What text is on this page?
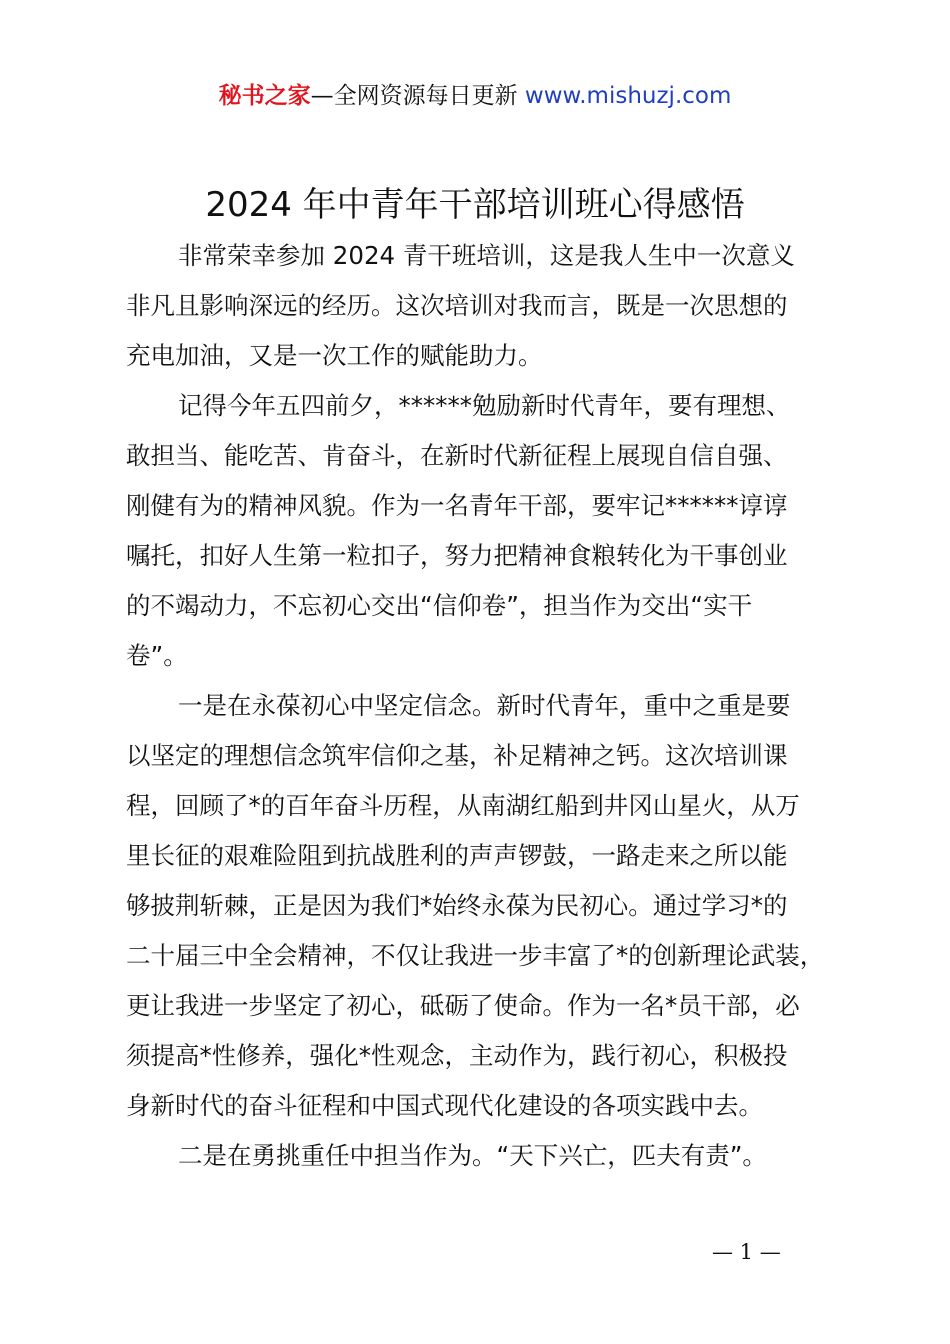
秘书之家—全网资源每日更新 www.mishuzj.com
2024 年中青年干部培训班心得感悟
非常荣幸参加 2024 青干班培训，这是我人生中一次意义
非凡且影响深远的经历。这次培训对我而言，既是一次思想的
充电加油，又是一次工作的赋能助力。
记得今年五四前夕，******勉励新时代青年，要有理想、
敢担当、能吃苦、肯奋斗，在新时代新征程上展现自信自强、
刚健有为的精神风貌。作为一名青年干部，要牢记******谆谆
嘱托，扣好人生第一粒扣子，努力把精神食粮转化为干事创业
的不竭动力，不忘初心交出“信仰卷”，担当作为交出“实干
卷”。
一是在永葆初心中坚定信念。新时代青年，重中之重是要
以坚定的理想信念筑牢信仰之基，补足精神之钙。这次培训课
程，回顾了*的百年奋斗历程，从南湖红船到井冈山星火，从万
里长征的艰难险阻到抗战胜利的声声锣鼓，一路走来之所以能
够披荆斩棘，正是因为我们*始终永葆为民初心。通过学习*的
二十届三中全会精神，不仅让我进一步丰富了*的创新理论武装，
更让我进一步坚定了初心，砥砺了使命。作为一名*员干部，必
须提高*性修养，强化*性观念，主动作为，践行初心，积极投
身新时代的奋斗征程和中国式现代化建设的各项实践中去。
二是在勇挑重任中担当作为。“天下兴亡，匹夫有责”。
— 1 —
